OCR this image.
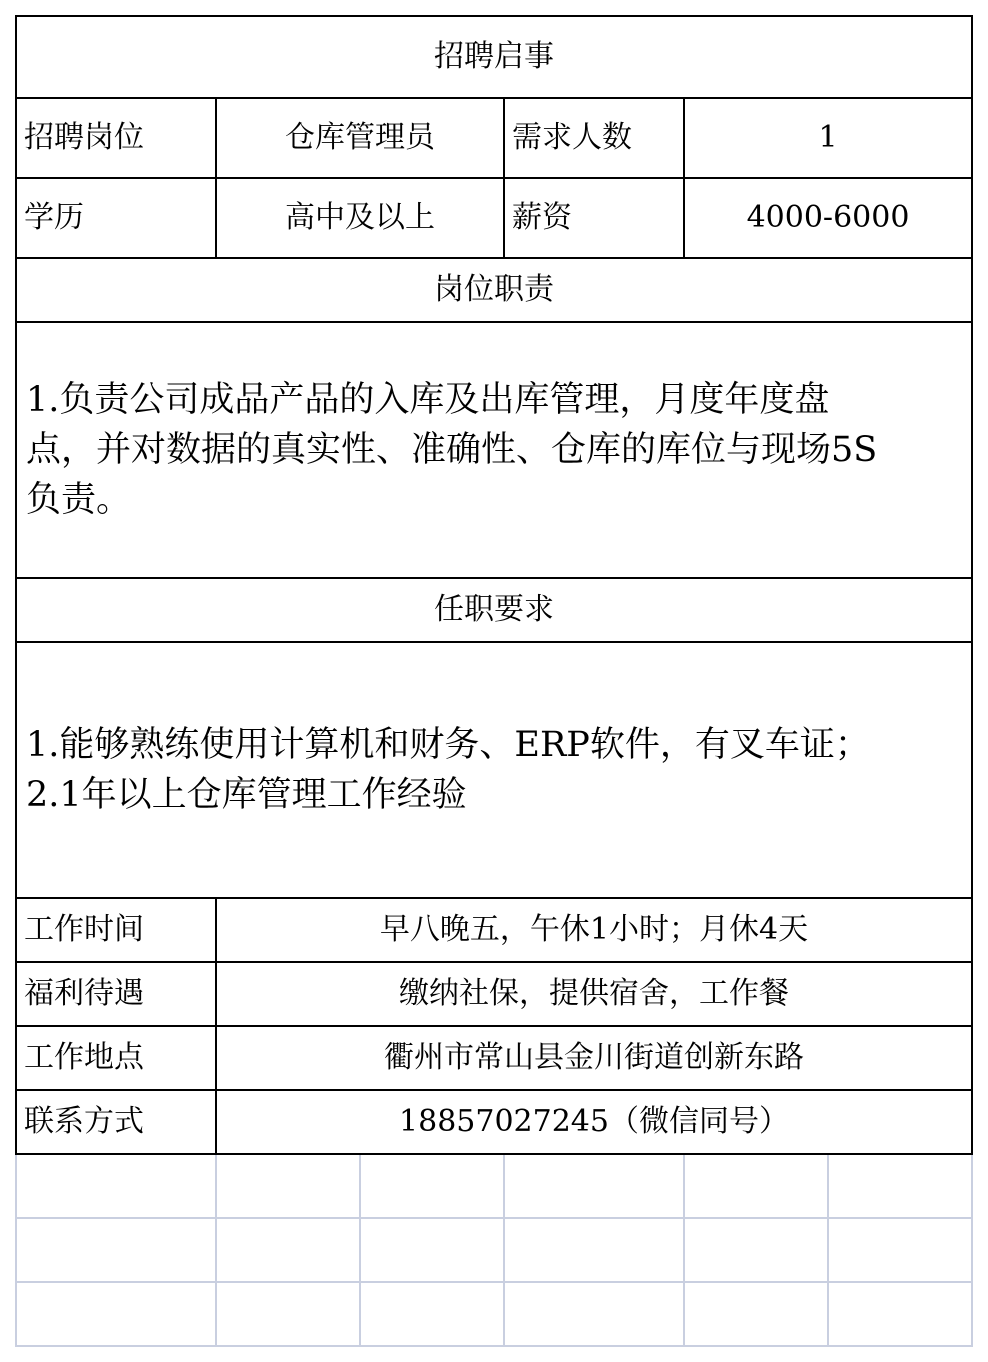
招聘启事
招聘岗位	仓库管理员	需求人数	1
学历	高中及以上	薪资	4000-6000
岗位职责
1.负责公司成品产品的入库及出库管理，月度年度盘
点，并对数据的真实性、准确性、仓库的库位与现场5S
负责。
任职要求
1.能够熟练使用计算机和财务、ERP软件，有叉车证；
2.1年以上仓库管理工作经验
工作时间	早八晚五，午休1小时；月休4天
福利待遇	缴纳社保，提供宿舍，工作餐
工作地点	衢州市常山县金川街道创新东路
联系方式	18857027245（微信同号）
